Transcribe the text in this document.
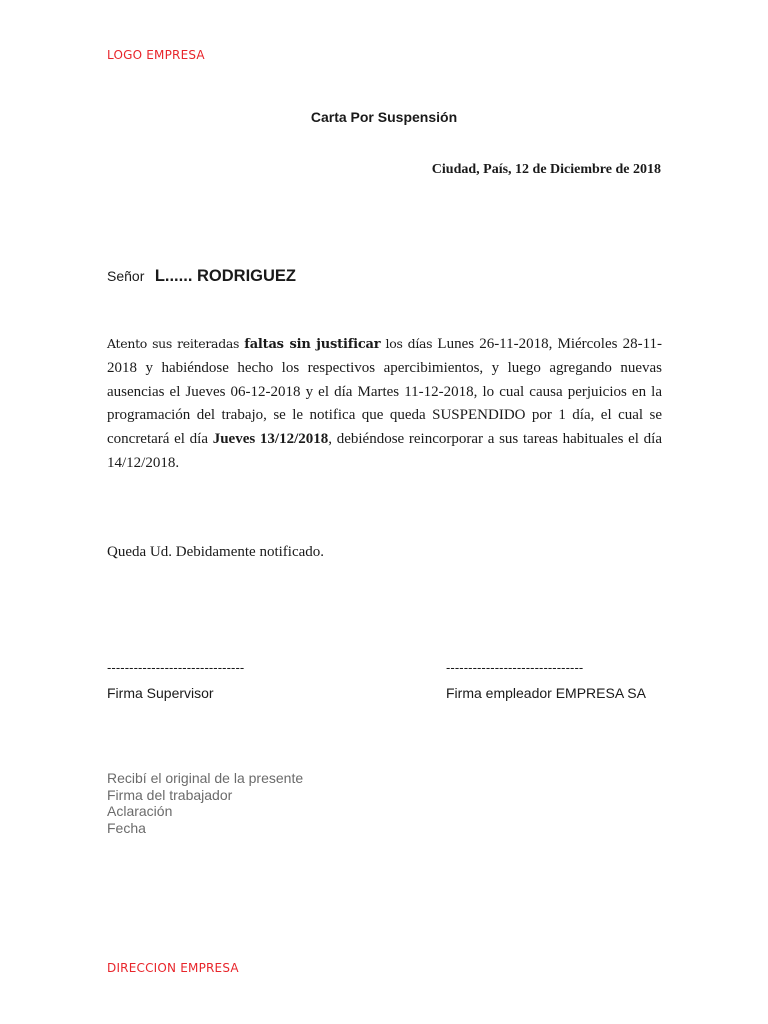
LOGO EMPRESA
Carta Por Suspensión
Ciudad, País, 12 de Diciembre de 2018
Señor L...... RODRIGUEZ
Atento sus reiteradas faltas sin justificar los días Lunes 26-11-2018, Miércoles 28-11-2018 y habiéndose hecho los respectivos apercibimientos, y luego agregando nuevas ausencias el Jueves 06-12-2018 y el día Martes 11-12-2018, lo cual causa perjuicios en la programación del trabajo, se le notifica que queda SUSPENDIDO por 1 día, el cual se concretará el día Jueves 13/12/2018, debiéndose reincorporar a sus tareas habituales el día 14/12/2018.
Queda Ud. Debidamente notificado.
-------------------------------	-------------------------------
Firma Supervisor	Firma empleador EMPRESA SA
Recibí el original de la presente
Firma del trabajador
Aclaración
Fecha
DIRECCION EMPRESA
